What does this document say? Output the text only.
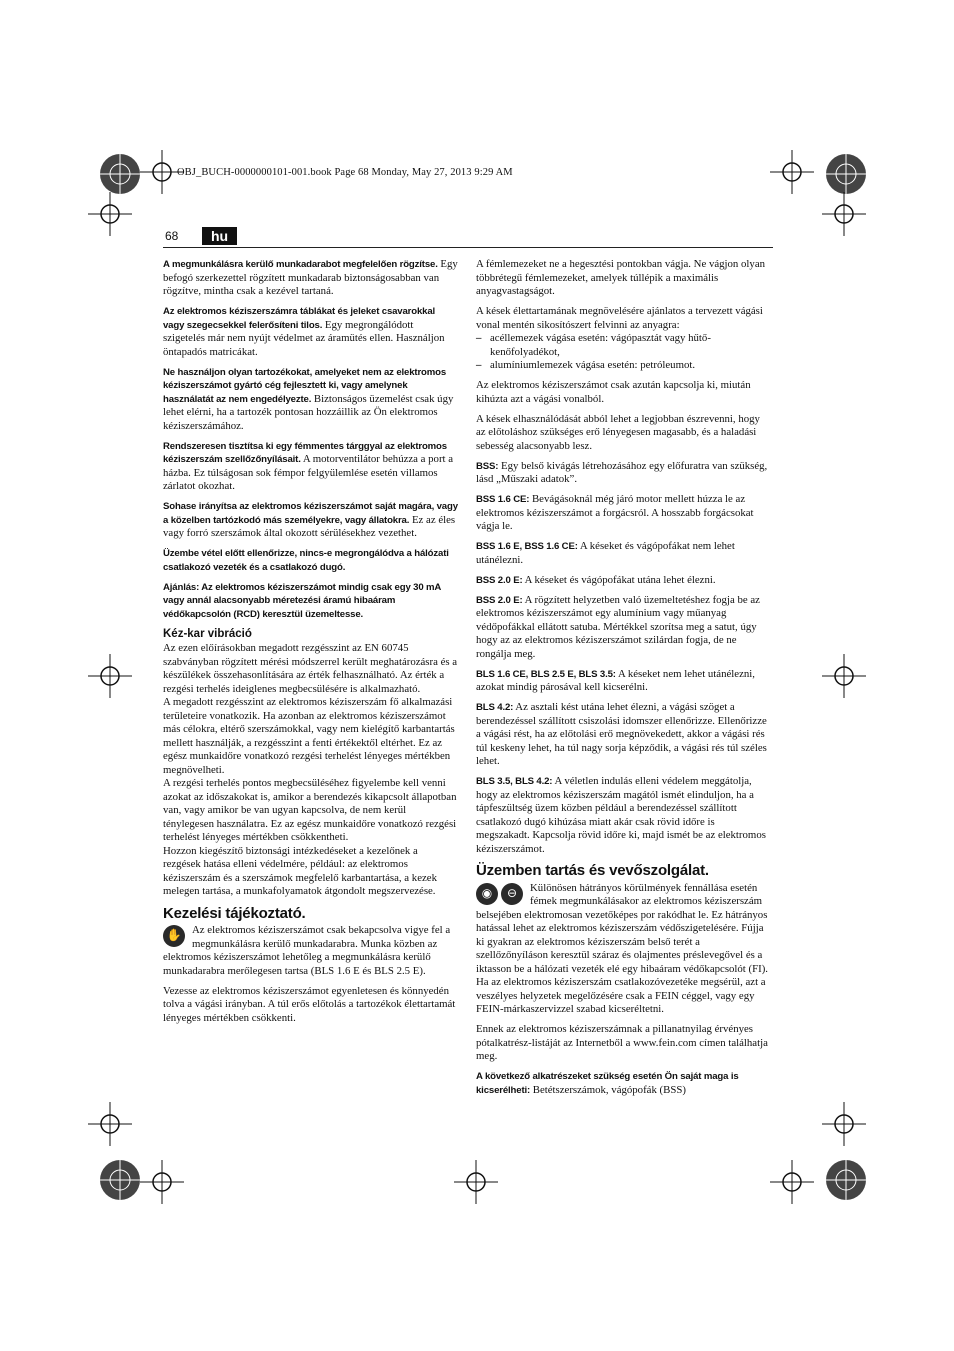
OBJ_BUCH-0000000101-001.book Page 68 Monday, May 27, 2013 9:29 AM
68	hu

A megmunkálásra kerülő munkadarabot megfelelően rögzítse. Egy befogó szerkezettel rögzített munkadarab biztonságosabban van rögzítve, mintha csak a kezével tartaná.

Az elektromos kéziszerszámra táblákat és jeleket csavarokkal vagy szegecsekkel felerősíteni tilos. Egy megrongálódott szigetelés már nem nyújt védelmet az áramütés ellen. Használjon öntapadós matricákat.

Ne használjon olyan tartozékokat, amelyeket nem az elektromos kéziszerszámot gyártó cég fejlesztett ki, vagy amelynek használatát az nem engedélyezte. Biztonságos üzemelést csak úgy lehet elérni, ha a tartozék pontosan hozzáillik az Ön elektromos kéziszerszámához.

Rendszeresen tisztítsa ki egy fémmentes tárggyal az elektromos kéziszerszám szellőzőnyílásait. A motorventilátor behúzza a port a házba. Ez túlságosan sok fémpor felgyülemlése esetén villamos zárlatot okozhat.

Sohase irányítsa az elektromos kéziszerszámot saját magára, vagy a közelben tartózkodó más személyekre, vagy állatokra. Ez az éles vagy forró szerszámok által okozott sérülésekhez vezethet.

Üzembe vétel előtt ellenőrizze, nincs-e megrongálódva a hálózati csatlakozó vezeték és a csatlakozó dugó.

Ajánlás: Az elektromos kéziszerszámot mindig csak egy 30 mA vagy annál alacsonyabb méretezési áramú hibaáram védőkapcsolón (RCD) keresztül üzemeltesse.

Kéz-kar vibráció

Az ezen előírásokban megadott rezgésszint az EN 60745 szabványban rögzített mérési módszerrel került meghatározásra és a készülékek összehasonlítására az érték felhasználható. Az érték a rezgési terhelés ideiglenes megbecsülésére is alkalmazható.

A megadott rezgésszint az elektromos kéziszerszám fő alkalmazási területeire vonatkozik. Ha azonban az elektromos kéziszerszámot más célokra, eltérő szerszámokkal, vagy nem kielégítő karbantartás mellett használják, a rezgésszint a fenti értékektől eltérhet. Ez az egész munkaidőre vonatkozó rezgési terhelést lényeges mértékben megnövelheti.

A rezgési terhelés pontos megbecsüléséhez figyelembe kell venni azokat az időszakokat is, amikor a berendezés kikapcsolt állapotban van, vagy amikor be van ugyan kapcsolva, de nem kerül ténylegesen használatra. Ez az egész munkaidőre vonatkozó rezgési terhelést lényeges mértékben csökkentheti.

Hozzon kiegészítő biztonsági intézkedéseket a kezelőnek a rezgések hatása elleni védelmére, például: az elektromos kéziszerszám és a szerszámok megfelelő karbantartása, a kezek melegen tartása, a munkafolyamatok átgondolt megszervezése.

Kezelési tájékoztató.

✋ Az elektromos kéziszerszámot csak bekapcsolva vigye fel a megmunkálásra kerülő munkadarabra. Munka közben az elektromos kéziszerszámot lehetőleg a megmunkálásra kerülő munkadarabra merőlegesen tartsa (BLS 1.6 E és BLS 2.5 E).

Vezesse az elektromos kéziszerszámot egyenletesen és könnyedén tolva a vágási irányban. A túl erős előtolás a tartozékok élettartamát lényeges mértékben csökkenti.

A fémlemezeket ne a hegesztési pontokban vágja. Ne vágjon olyan többrétegű fémlemezeket, amelyek túllépik a maximális anyagvastagságot.

A kések élettartamának megnövelésére ajánlatos a tervezett vágási vonal mentén sikosítószert felvinni az anyagra:

– acéllemezek vágása esetén: vágópasztát vagy hűtő-kenőfolyadékot,
– alumíniumlemezek vágása esetén: petróleumot.

Az elektromos kéziszerszámot csak azután kapcsolja ki, miután kihúzta azt a vágási vonalból.

A kések elhasználódását abból lehet a legjobban észrevenni, hogy az előtoláshoz szükséges erő lényegesen magasabb, és a haladási sebesség alacsonyabb lesz.

BSS: Egy belső kivágás létrehozásához egy előfuratra van szükség, lásd „Műszaki adatok”.

BSS 1.6 CE: Bevágásoknál még járó motor mellett húzza le az elektromos kéziszerszámot a forgácsról. A hosszabb forgácsokat vágja le.

BSS 1.6 E, BSS 1.6 CE: A késeket és vágópofákat nem lehet utánélezni.

BSS 2.0 E: A késeket és vágópofákat utána lehet élezni.

BSS 2.0 E: A rögzített helyzetben való üzemeltetéshez fogja be az elektromos kéziszerszámot egy alumínium vagy műanyag védőpofákkal ellátott satuba. Mértékkel szorítsa meg a satut, úgy hogy az az elektromos kéziszerszámot szilárdan fogja, de ne rongálja meg.

BLS 1.6 CE, BLS 2.5 E, BLS 3.5: A késeket nem lehet utánélezni, azokat mindig párosával kell kicserélni.

BLS 4.2: Az asztali kést utána lehet élezni, a vágási szöget a berendezéssel szállított csiszolási idomszer ellenőrizze. Ellenőrizze a vágási rést, ha az előtolási erő megnövekedett, akkor a vágási rés túl keskeny lehet, ha túl nagy sorja képződik, a vágási rés túl széles lehet.

BLS 3.5, BLS 4.2: A véletlen indulás elleni védelem meggátolja, hogy az elektromos kéziszerszám magától ismét elinduljon, ha a tápfeszültség üzem közben például a berendezéssel szállított csatlakozó dugó kihúzása miatt akár csak rövid időre is megszakadt. Kapcsolja rövid időre ki, majd ismét be az elektromos kéziszerszámot.

Üzemben tartás és vevőszolgálat.

◉	⊖	Különösen hátrányos körülmények fennállása esetén fémek megmunkálásakor az elektromos kéziszerszám belsejében elektromosan vezetőképes por rakódhat le. Ez hátrányos hatással lehet az elektromos kéziszerszám védőszigetelésére. Fújja ki gyakran az elektromos kéziszerszám belső terét a szellőzőnyíláson keresztül száraz és olajmentes préslevegővel és a iktasson be a hálózati vezeték elé egy hibaáram védőkapcsolót (FI).

Ha az elektromos kéziszerszám csatlakozóvezetéke megsérül, azt a veszélyes helyzetek megelőzésére csak a FEIN céggel, vagy egy FEIN-márkaszervizzel szabad kicseréltetni.

Ennek az elektromos kéziszerszámnak a pillanatnyilag érvényes pótalkatrész-listáját az Internetből a www.fein.com címen találhatja meg.

A következő alkatrészeket szükség esetén Ön saját maga is kicserélheti: Betétszerszámok, vágópofák (BSS)
